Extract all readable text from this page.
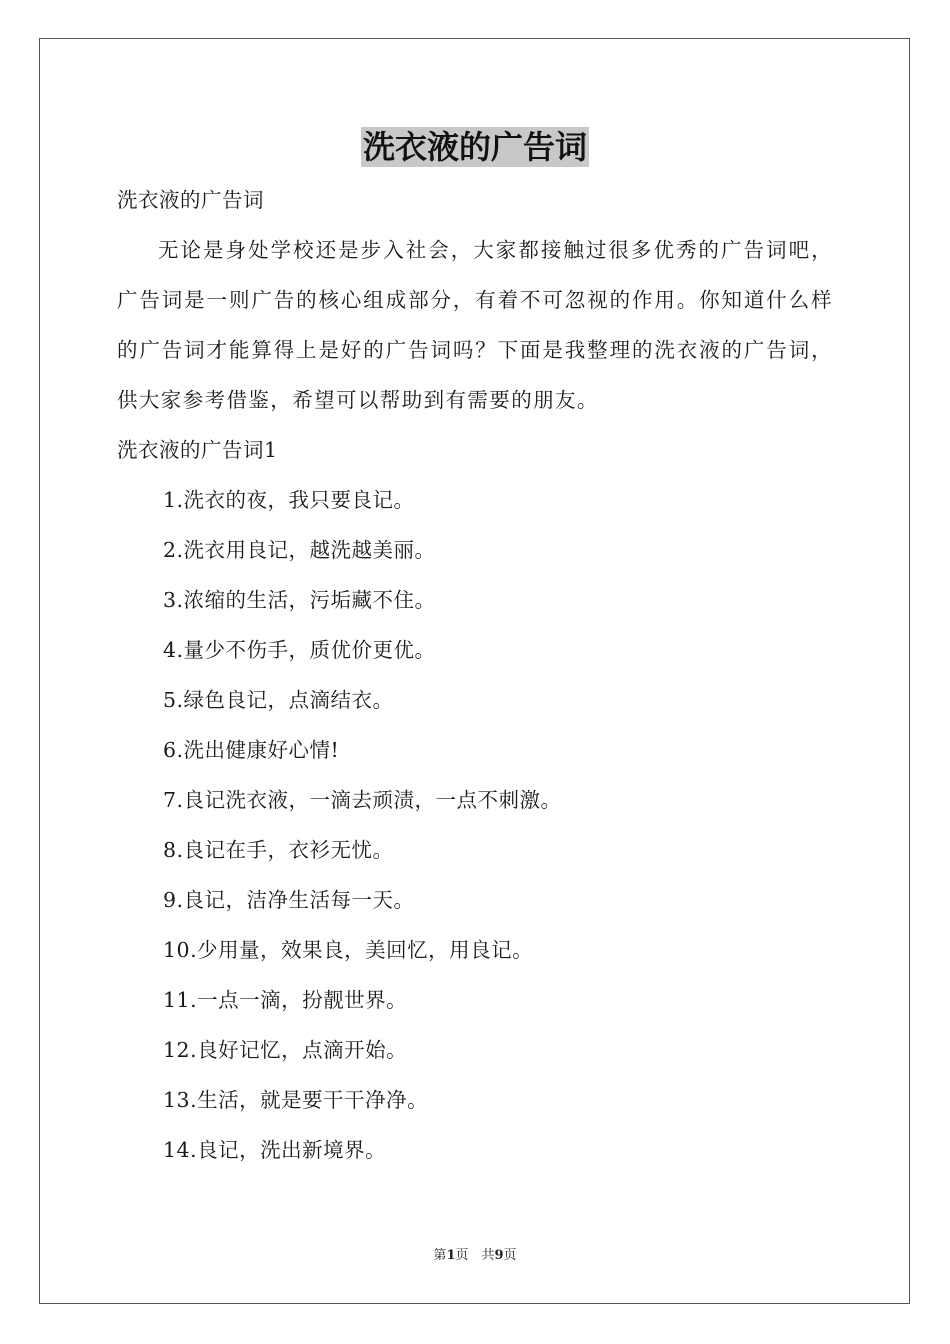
洗衣液的广告词
洗衣液的广告词

无论是身处学校还是步入社会，大家都接触过很多优秀的广告词吧，广告词是一则广告的核心组成部分，有着不可忽视的作用。你知道什么样的广告词才能算得上是好的广告词吗？下面是我整理的洗衣液的广告词，供大家参考借鉴，希望可以帮助到有需要的朋友。

洗衣液的广告词1
1.洗衣的夜，我只要良记。
2.洗衣用良记，越洗越美丽。
3.浓缩的生活，污垢藏不住。
4.量少不伤手，质优价更优。
5.绿色良记，点滴结衣。
6.洗出健康好心情!
7.良记洗衣液，一滴去顽渍，一点不刺激。
8.良记在手，衣衫无忧。
9.良记，洁净生活每一天。
10.少用量，效果良，美回忆，用良记。
11.一点一滴，扮靓世界。
12.良好记忆，点滴开始。
13.生活，就是要干干净净。
14.良记，洗出新境界。
第1页　共9页
